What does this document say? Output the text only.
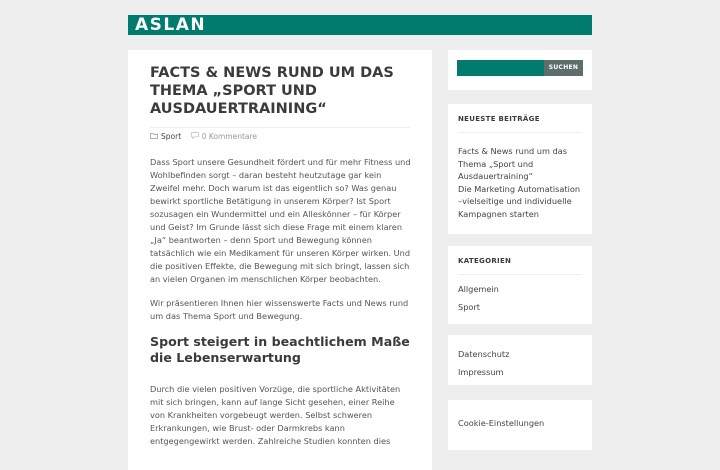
ASLAN
FACTS & NEWS RUND UM DAS THEMA „SPORT UND AUSDAUERTRAINING“
Sport	0 Kommentare

Dass Sport unsere Gesundheit fördert und für mehr Fitness und Wohlbefinden sorgt – daran besteht heutzutage gar kein Zweifel mehr. Doch warum ist das eigentlich so? Was genau bewirkt sportliche Betätigung in unserem Körper? Ist Sport sozusagen ein Wundermittel und ein Alleskönner – für Körper und Geist? Im Grunde lässt sich diese Frage mit einem klaren „Ja“ beantworten – denn Sport und Bewegung können tatsächlich wie ein Medikament für unseren Körper wirken. Und die positiven Effekte, die Bewegung mit sich bringt, lassen sich an vielen Organen im menschlichen Körper beobachten.

Wir präsentieren Ihnen hier wissenswerte Facts und News rund um das Thema Sport und Bewegung.

Sport steigert in beachtlichem Maße die Lebenserwartung

Durch die vielen positiven Vorzüge, die sportliche Aktivitäten mit sich bringen, kann auf lange Sicht gesehen, einer Reihe von Krankheiten vorgebeugt werden. Selbst schweren Erkrankungen, wie Brust- oder Darmkrebs kann entgegengewirkt werden. Zahlreiche Studien konnten dies

SUCHEN
NEUESTE BEITRÄGE
Facts & News rund um das Thema „Sport und Ausdauertraining“
Die Marketing Automatisation –vielseitige und individuelle Kampagnen starten
KATEGORIEN
Allgemein
Sport
Datenschutz
Impressum
Cookie-Einstellungen
